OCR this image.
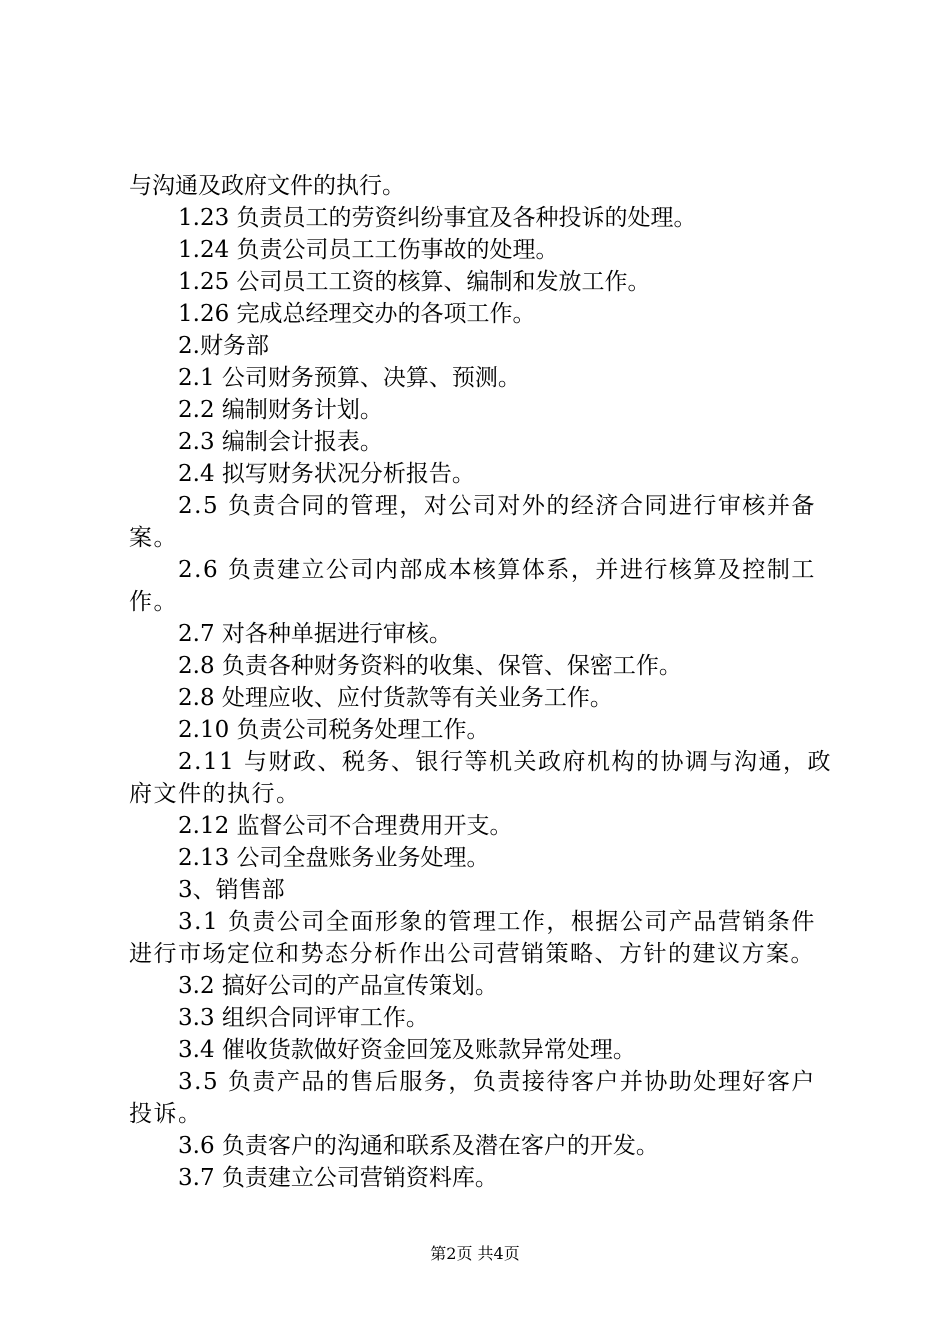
与沟通及政府文件的执行。
1.23 负责员工的劳资纠纷事宜及各种投诉的处理。
1.24 负责公司员工工伤事故的处理。
1.25 公司员工工资的核算、编制和发放工作。
1.26 完成总经理交办的各项工作。
2.财务部
2.1 公司财务预算、决算、预测。
2.2 编制财务计划。
2.3 编制会计报表。
2.4 拟写财务状况分析报告。
2.5 负责合同的管理，对公司对外的经济合同进行审核并备案。
2.6 负责建立公司内部成本核算体系，并进行核算及控制工作。
2.7 对各种单据进行审核。
2.8 负责各种财务资料的收集、保管、保密工作。
2.8 处理应收、应付货款等有关业务工作。
2.10 负责公司税务处理工作。
2.11 与财政、税务、银行等机关政府机构的协调与沟通，政府文件的执行。
2.12 监督公司不合理费用开支。
2.13 公司全盘账务业务处理。
3、销售部
3.1 负责公司全面形象的管理工作，根据公司产品营销条件进行市场定位和势态分析作出公司营销策略、方针的建议方案。
3.2 搞好公司的产品宣传策划。
3.3 组织合同评审工作。
3.4 催收货款做好资金回笼及账款异常处理。
3.5 负责产品的售后服务，负责接待客户并协助处理好客户投诉。
3.6 负责客户的沟通和联系及潜在客户的开发。
3.7 负责建立公司营销资料库。
第2页 共4页
